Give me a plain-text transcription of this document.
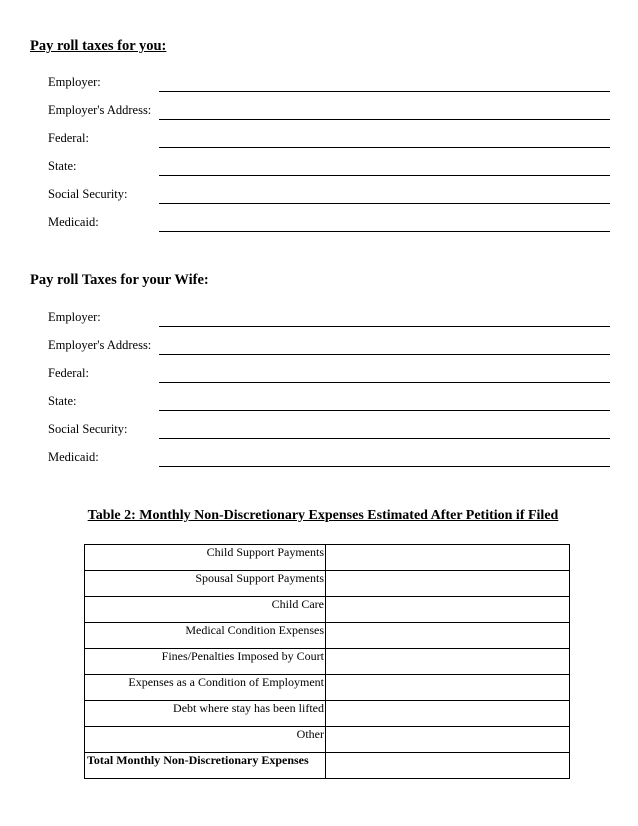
Pay roll taxes for you:
Employer:
Employer's Address:
Federal:
State:
Social Security:
Medicaid:
Pay roll Taxes for your Wife:
Employer:
Employer's Address:
Federal:
State:
Social Security:
Medicaid:
Table 2: Monthly Non-Discretionary Expenses Estimated After Petition if Filed
Child Support Payments	
Spousal Support Payments	
Child Care	
Medical Condition Expenses	
Fines/Penalties Imposed by Court	
Expenses as a Condition of Employment	
Debt where stay has been lifted	
Other	
Total Monthly Non-Discretionary Expenses	
